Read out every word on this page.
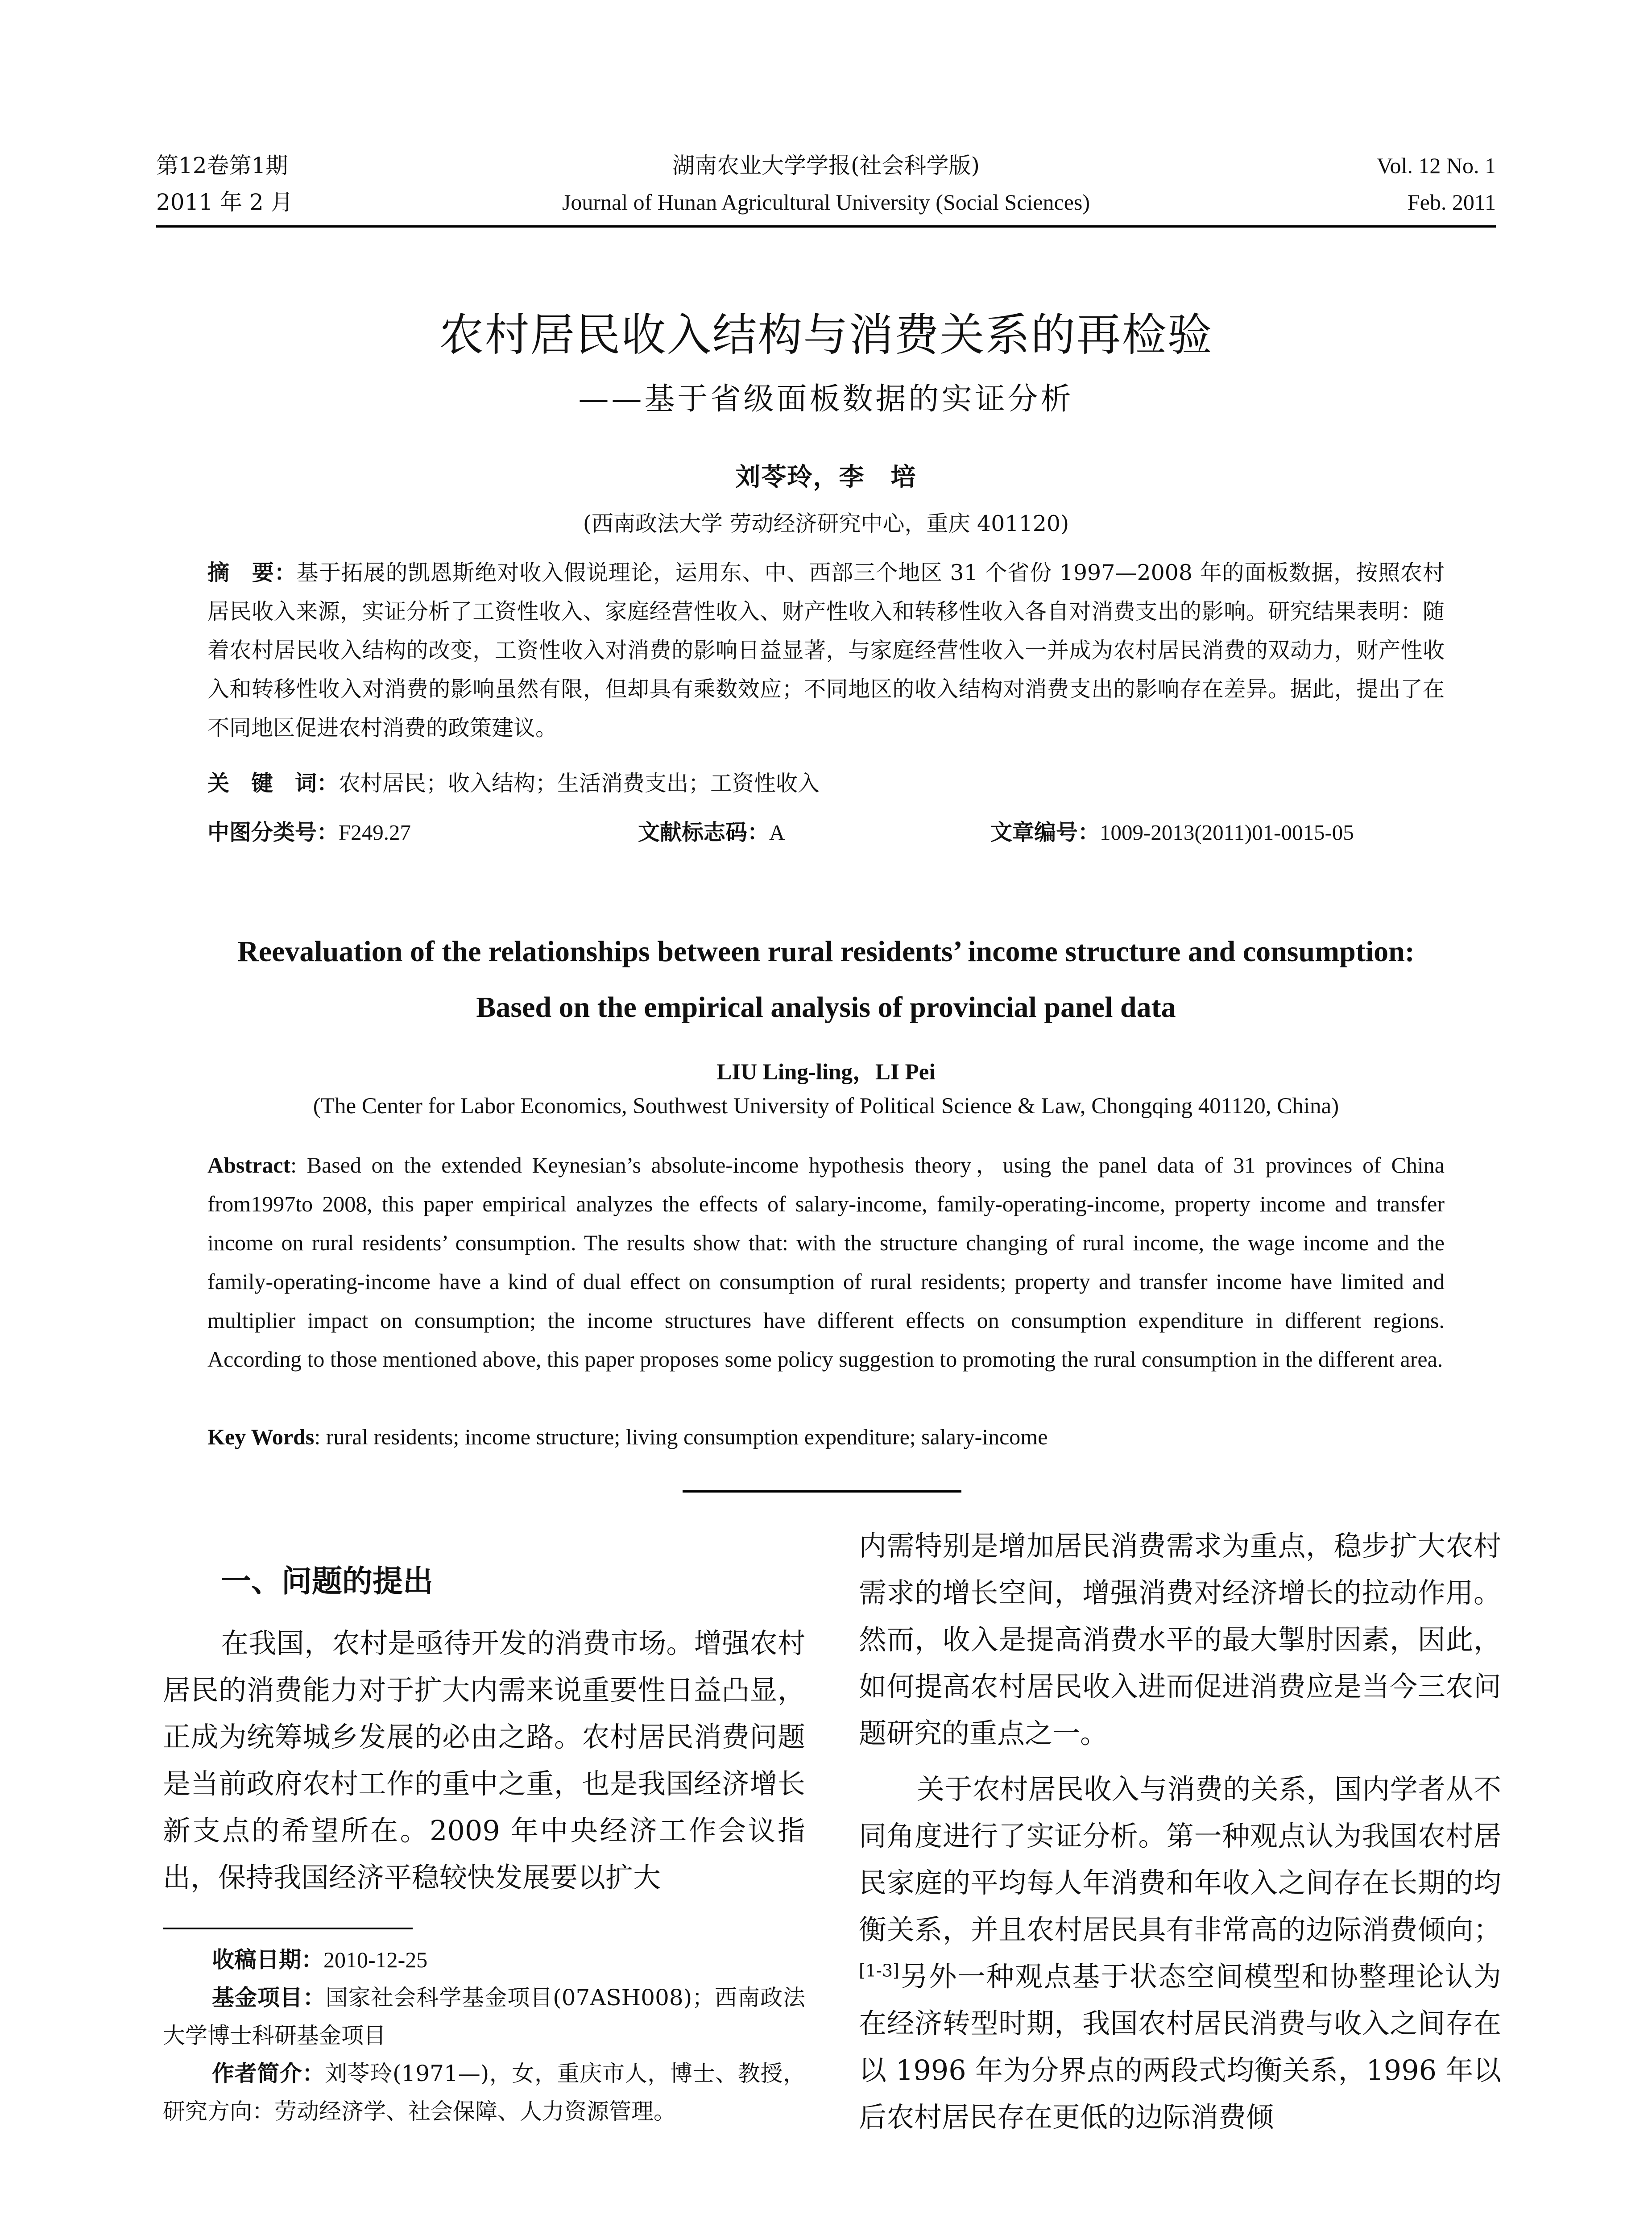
第12卷第1期
2011 年 2 月
湖南农业大学学报(社会科学版)
Journal of Hunan Agricultural University (Social Sciences)
Vol. 12 No. 1
Feb. 2011
农村居民收入结构与消费关系的再检验
——基于省级面板数据的实证分析
刘苓玲，李　培
(西南政法大学 劳动经济研究中心，重庆 401120)
摘　要：基于拓展的凯恩斯绝对收入假说理论，运用东、中、西部三个地区 31 个省份 1997—2008 年的面板数据，按照农村居民收入来源，实证分析了工资性收入、家庭经营性收入、财产性收入和转移性收入各自对消费支出的影响。研究结果表明：随着农村居民收入结构的改变，工资性收入对消费的影响日益显著，与家庭经营性收入一并成为农村居民消费的双动力，财产性收入和转移性收入对消费的影响虽然有限，但却具有乘数效应；不同地区的收入结构对消费支出的影响存在差异。据此，提出了在不同地区促进农村消费的政策建议。
关　键　词：农村居民；收入结构；生活消费支出；工资性收入
中图分类号：F249.27	文献标志码：A	文章编号：1009-2013(2011)01-0015-05
Reevaluation of the relationships between rural residents’ income structure and consumption:
Based on the empirical analysis of provincial panel data
LIU Ling-ling，LI Pei
(The Center for Labor Economics, Southwest University of Political Science & Law, Chongqing 401120, China)
Abstract: Based on the extended Keynesian’s absolute-income hypothesis theory，using the panel data of 31 provinces of China from1997to 2008, this paper empirical analyzes the effects of salary-income, family-operating-income, property income and transfer income on rural residents’ consumption. The results show that: with the structure changing of rural income, the wage income and the family-operating-income have a kind of dual effect on consumption of rural residents; property and transfer income have limited and multiplier impact on consumption; the income structures have different effects on consumption expenditure in different regions. According to those mentioned above, this paper proposes some policy suggestion to promoting the rural consumption in the different area.
Key Words: rural residents; income structure; living consumption expenditure; salary-income
一、问题的提出

在我国，农村是亟待开发的消费市场。增强农村居民的消费能力对于扩大内需来说重要性日益凸显，正成为统筹城乡发展的必由之路。农村居民消费问题是当前政府农村工作的重中之重，也是我国经济增长新支点的希望所在。2009 年中央经济工作会议指出，保持我国经济平稳较快发展要以扩大

内需特别是增加居民消费需求为重点，稳步扩大农村需求的增长空间，增强消费对经济增长的拉动作用。然而，收入是提高消费水平的最大掣肘因素，因此，如何提高农村居民收入进而促进消费应是当今三农问题研究的重点之一。

关于农村居民收入与消费的关系，国内学者从不同角度进行了实证分析。第一种观点认为我国农村居民家庭的平均每人年消费和年收入之间存在长期的均衡关系，并且农村居民具有非常高的边际消费倾向；[1-3]另外一种观点基于状态空间模型和协整理论认为在经济转型时期，我国农村居民消费与收入之间存在以 1996 年为分界点的两段式均衡关系，1996 年以后农村居民存在更低的边际消费倾

收稿日期：2010-12-25

基金项目：国家社会科学基金项目(07ASH008)；西南政法大学博士科研基金项目

作者简介：刘苓玲(1971—)，女，重庆市人，博士、教授，研究方向：劳动经济学、社会保障、人力资源管理。
